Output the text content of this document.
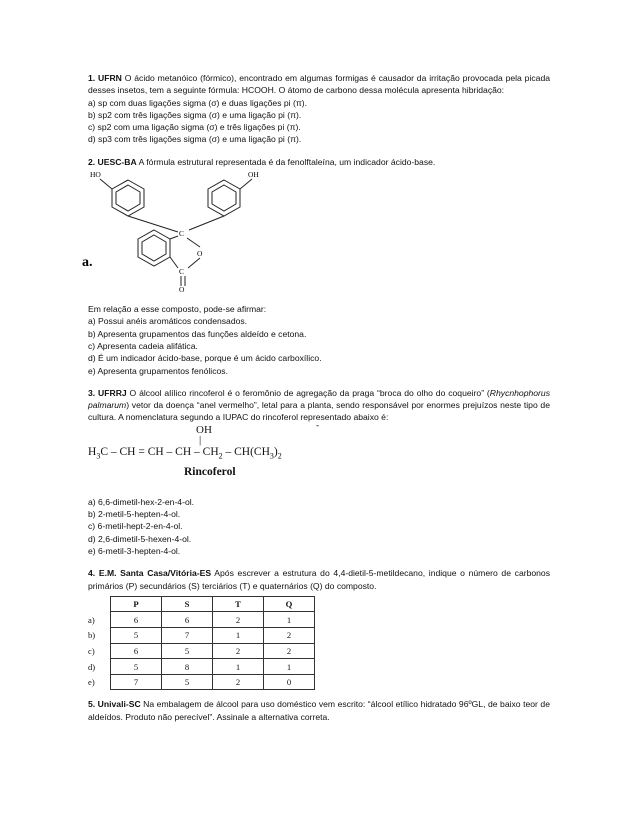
1. UFRN O ácido metanóico (fórmico), encontrado em algumas formigas é causador da irritação provocada pela picada desses insetos, tem a seguinte fórmula: HCOOH. O átomo de carbono dessa molécula apresenta hibridação:

a) sp com duas ligações sigma (σ) e duas ligações pi (π).

b) sp2 com três ligações sigma (σ) e uma ligação pi (π).

c) sp2 com uma ligação sigma (σ) e três ligações pi (π).

d) sp3 com três ligações sigma (σ) e uma ligação pi (π).

2. UESC-BA A fórmula estrutural representada é da fenolftaleína, um indicador ácido-base.

HO	OH
C
O
C
O
a.

Em relação a esse composto, pode-se afirmar:

a) Possui anéis aromáticos condensados.

b) Apresenta grupamentos das funções aldeído e cetona.

c) Apresenta cadeia alifática.

d) É um indicador ácido-base, porque é um ácido carboxílico.

e) Apresenta grupamentos fenólicos.

3. UFRRJ O álcool alílico rincoferol é o feromônio de agregação da praga “broca do olho do coqueiro” (Rhycnhophorus palmarum) vetor da doença “anel vermelho”, letal para a planta, sendo responsável por enormes prejuízos neste tipo de cultura. A nomenclatura segundo a IUPAC do rincoferol representado abaixo é:

OH
|
-
$H_3C$ – CH = CH – CH – $CH_2 - CH(CH_3)_2$
Rincoferol

a) 6,6-dimetil-hex-2-en-4-ol.

b) 2-metil-5-hepten-4-ol.

c) 6-metil-hept-2-en-4-ol.

d) 2,6-dimetil-5-hexen-4-ol.

e) 6-metil-3-hepten-4-ol.

4. E.M. Santa Casa/Vitória-ES Após escrever a estrutura do 4,4-dietil-5-metildecano, indique o número de carbonos primários (P) secundários (S) terciários (T) e quaternários (Q) do composto.

	P	S	T	Q
a)	6	6	2	1
b)	5	7	1	2
c)	6	5	2	2
d)	5	8	1	1
e)	7	5	2	0

5. Univali-SC Na embalagem de álcool para uso doméstico vem escrito: “álcool etílico hidratado 96ºGL, de baixo teor de aldeídos. Produto não perecível”. Assinale a alternativa correta.
